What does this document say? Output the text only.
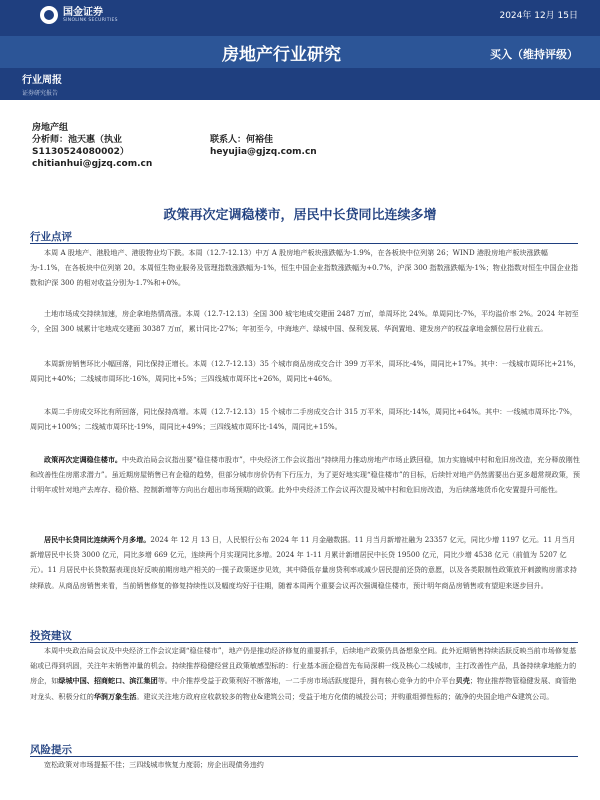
国金证券
SINOLINK SECURITIES	2024年 12月 15日
房地产行业研究	买入（维持评级）
行业周报
证券研究报告
房地产组
分析师：池天惠（执业
S1130524080002）
chitianhui@gjzq.com.cn
联系人：何裕佳
heyujia@gjzq.com.cn
政策再次定调稳楼市，居民中长贷同比连续多增
行业点评

本周 A 股地产、港股地产、港股物业均下跌。本周（12.7-12.13）中万 A 股房地产板块涨跌幅为-1.9%，在各板块中位列第 26；WIND 港股房地产板块涨跌幅为-1.1%，在各板块中位列第 20。本周恒生物业服务及管理指数涨跌幅为-1%，恒生中国企业指数涨跌幅为+0.7%，沪深 300 指数涨跌幅为-1%；物业指数对恒生中国企业指数和沪深 300 的相对收益分别为-1.7%和+0%。

土地市场成交持续加速，房企拿地热情高涨。本周（12.7-12.13）全国 300 城宅地成交建面 2487 万㎡，单周环比 24%。单周同比-7%，平均溢价率 2%。2024 年初至今，全国 300 城累计宅地成交建面 30387 万㎡，累计同比-27%；年初至今，中海地产、绿城中国、保利发展、华润置地、建发房产的权益拿地金额位居行业前五。

本周新房销售环比小幅回落，同比保持正增长。本周（12.7-12.13）35 个城市商品房成交合计 399 万平米，周环比-4%，周同比+17%。其中：一线城市周环比+21%，周同比+40%；二线城市周环比-16%，周同比+5%；三四线城市周环比+26%，周同比+46%。

本周二手房成交环比有所回落，同比保持高增。本周（12.7-12.13）15 个城市二手房成交合计 315 万平米，周环比-14%，周同比+64%。其中：一线城市周环比-7%，周同比+100%；二线城市周环比-19%，周同比+49%；三四线城市周环比-14%，周同比+15%。

政策再次定调稳住楼市。中央政治局会议指出要“稳住楼市股市”，中央经济工作会议指出“持续用力推动房地产市场止跌回稳，加力实施城中村和危旧房改造，充分释放刚性和改善性住房需求潜力”。虽近期房屋销售已有企稳的趋势，但部分城市房价仍有下行压力，为了更好地实现“稳住楼市”的目标，后续针对地产仍然需要出台更多超常规政策，预计明年或针对地产去库存、稳价格、控制新增等方向出台超出市场预期的政策。此外中央经济工作会议再次提及城中村和危旧房改造，为后续落地货币化安置提升可能性。

居民中长贷同比连续两个月多增。2024 年 12 月 13 日，人民银行公布 2024 年 11 月金融数据。11 月当月新增社融为 23357 亿元，同比少增 1197 亿元。11 月当月新增居民中长贷 3000 亿元，同比多增 669 亿元，连续两个月实现同比多增。2024 年 1-11 月累计新增居民中长贷 19500 亿元，同比少增 4538 亿元（前值为 5207 亿元）。11 月居民中长贷数据表现良好反映前期房地产相关的一揽子政策逐步见效，其中降低存量房贷利率或减少居民提前还贷的意愿，以及各类限制性政策放开刺激购房需求持续释放。从商品房销售来看，当前销售修复的修复持续性以及幅度均好于往期，随着本周两个重要会议再次强调稳住楼市，预计明年商品房销售或有望迎来逐步回升。

投资建议

本周中央政治局会议及中央经济工作会议定调“稳住楼市”，地产仍是推动经济修复的重要抓手，后续地产政策仍具备想象空间。此外近期销售持续活跃反映当前市场修复基础或已得到巩固，关注年末销售冲量的机会。持续推荐稳健经营且政策敏感型标的：行业基本面企稳首先布局深耕一线及核心二线城市，主打改善性产品，具备持续拿地能力的房企，如绿城中国、招商蛇口、滨江集团等。中介推荐受益于政策利好不断落地，一二手房市场活跃度提升，拥有核心竞争力的中介平台贝壳；物业推荐物管稳健发展、商管绝对龙头、积极分红的华润万象生活。建议关注地方政府应收款较多的物业&建筑公司；受益于地方化债的城投公司；并购重组弹性标的；破净的央国企地产&建筑公司。

风险提示

宽松政策对市场提振不佳；三四线城市恢复力度弱；房企出现债务违约
